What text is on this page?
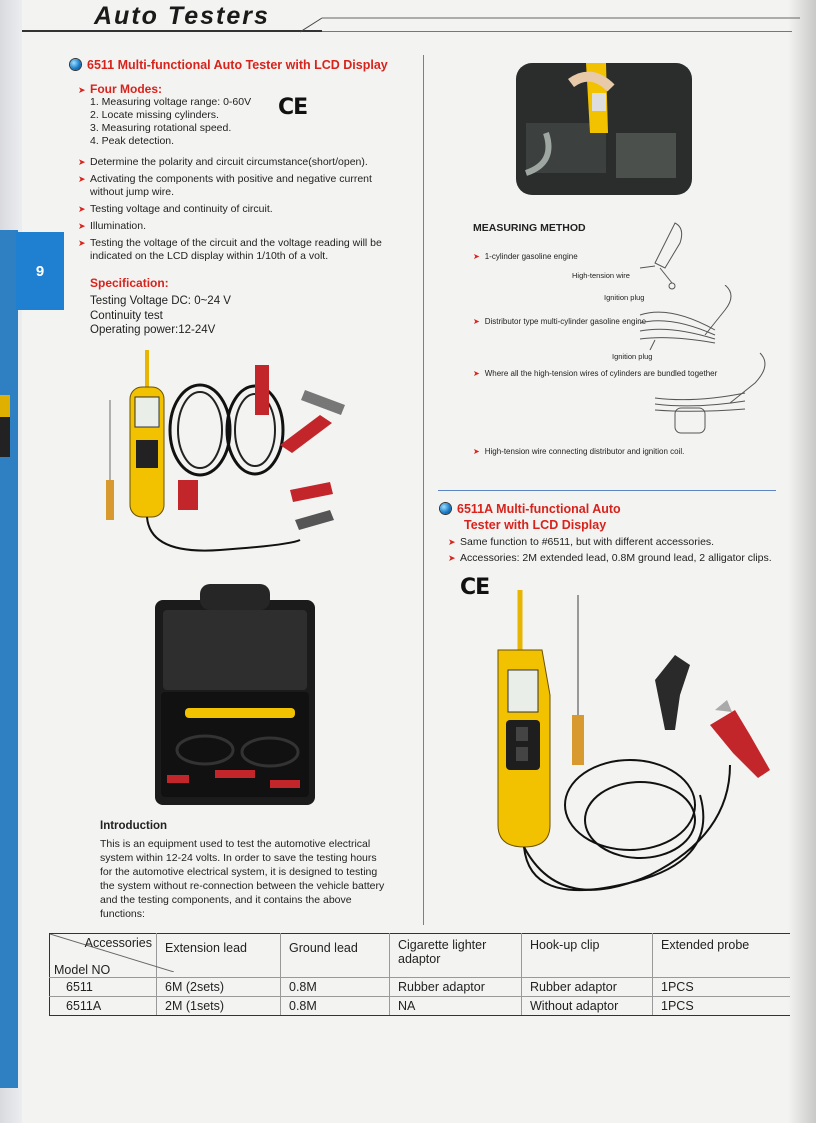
9
Auto Testers
6511 Multi-functional Auto Tester with LCD Display
➤ Four Modes:
1. Measuring voltage range: 0-60V
2. Locate missing cylinders.
3. Measuring rotational speed.
4. Peak detection.
CE
➤ Determine the polarity and circuit circumstance(short/open).
➤ Activating the components with positive and negative current without jump wire.
➤ Testing voltage and continuity of circuit.
➤ Illumination.
➤ Testing the voltage of the circuit and the voltage reading will be indicated on the LCD display within 1/10th of a volt.
Specification:
Testing Voltage DC: 0~24 V
Continuity test
Operating power:12-24V
Introduction
This is an equipment used to test the automotive electrical
system within 12-24 volts. In order to save the testing hours
for the automotive electrical system, it is designed to testing
the system without re-connection between the vehicle battery
and the testing components, and it contains the above
functions:
MEASURING METHOD
➤ 1-cylinder gasoline engine
High-tension wire
Ignition plug
➤ Distributor type multi-cylinder gasoline engine
Ignition plug
➤ Where all the high-tension wires of cylinders are bundled together
➤ High-tension wire connecting distributor and ignition coil.
6511A Multi-functional Auto
Tester with LCD Display
➤ Same function to #6511, but with different accessories.
➤ Accessories: 2M extended lead, 0.8M ground lead, 2 alligator clips.
CE
Accessories
Model NO	Extension lead	Ground lead	Cigarette lighter adaptor	Hook-up clip	Extended probe
6511	6M (2sets)	0.8M	Rubber adaptor	Rubber adaptor	1PCS
6511A	2M (1sets)	0.8M	NA	Without adaptor	1PCS
